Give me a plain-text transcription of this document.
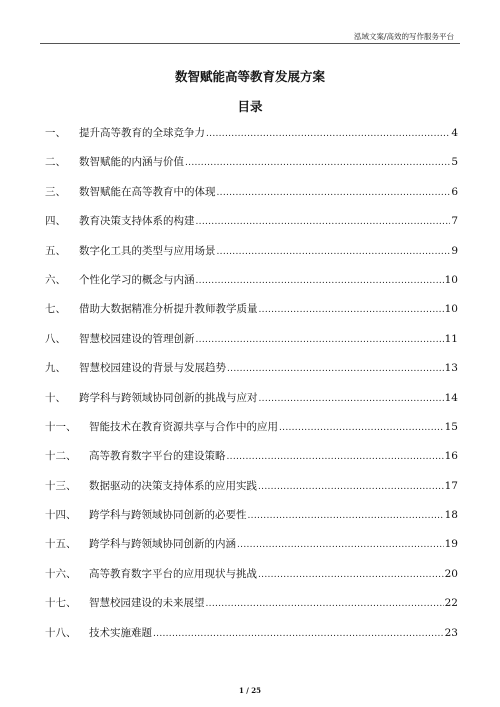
泓域文案/高效的写作服务平台
数智赋能高等教育发展方案
目录
一、	提升高等教育的全球竞争力 .....	4
二、	数智赋能的内涵与价值 .....	5
三、	数智赋能在高等教育中的体现 .....	6
四、	教育决策支持体系的构建 .....	7
五、	数字化工具的类型与应用场景 .....	9
六、	个性化学习的概念与内涵 .....	10
七、	借助大数据精准分析提升教师教学质量 .....	10
八、	智慧校园建设的管理创新 .....	11
九、	智慧校园建设的背景与发展趋势 .....	13
十、	跨学科与跨领域协同创新的挑战与应对 .....	14
十一、	智能技术在教育资源共享与合作中的应用 .....	15
十二、	高等教育数字平台的建设策略 .....	16
十三、	数据驱动的决策支持体系的应用实践 .....	17
十四、	跨学科与跨领域协同创新的必要性 .....	18
十五、	跨学科与跨领域协同创新的内涵 .....	19
十六、	高等教育数字平台的应用现状与挑战 .....	20
十七、	智慧校园建设的未来展望 .....	22
十八、	技术实施难题 .....	23
1 / 25
